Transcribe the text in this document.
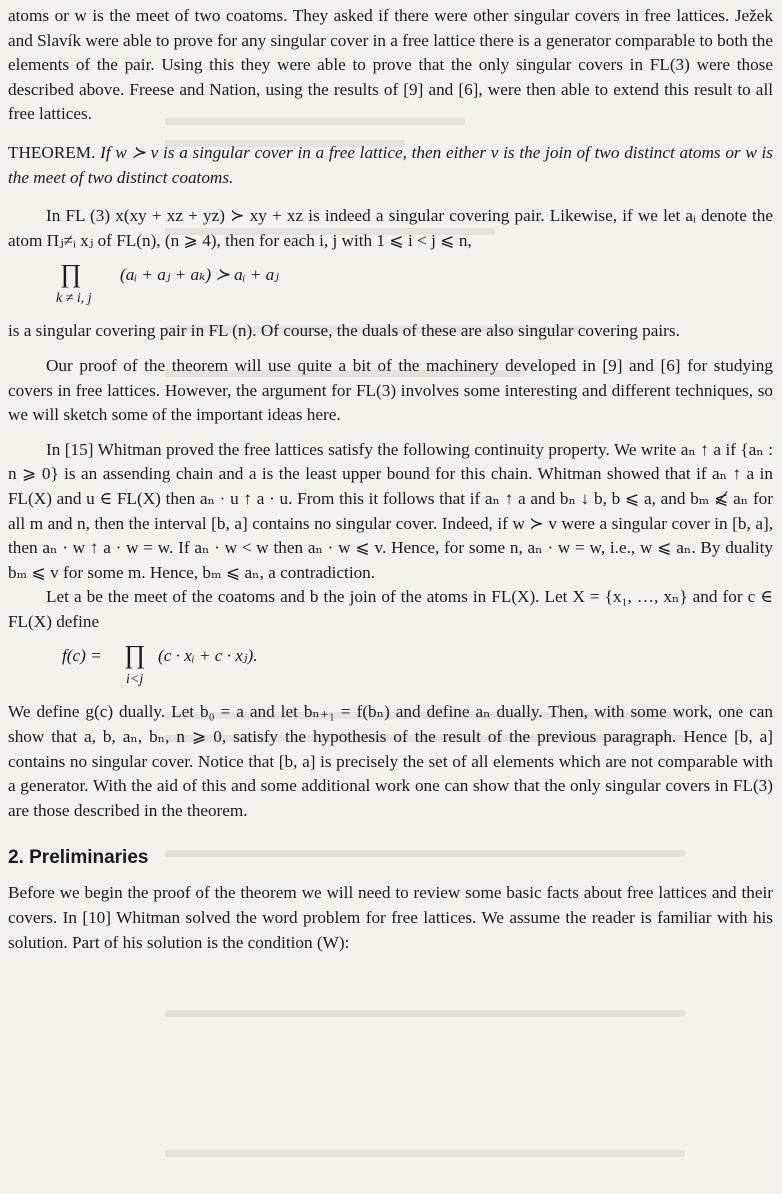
atoms or w is the meet of two coatoms. They asked if there were other singular covers in free lattices. Ježek and Slavík were able to prove for any singular cover in a free lattice there is a generator comparable to both the elements of the pair. Using this they were able to prove that the only singular covers in FL(3) were those described above. Freese and Nation, using the results of [9] and [6], were then able to extend this result to all free lattices.

THEOREM. If w ≻ v is a singular cover in a free lattice, then either v is the join of two distinct atoms or w is the meet of two distinct coatoms.

In FL (3) x(xy + xz + yz) ≻ xy + xz is indeed a singular covering pair. Likewise, if we let aᵢ denote the atom Πⱼ≠ᵢ xⱼ of FL(n), (n ⩾ 4), then for each i, j with 1 ⩽ i < j ⩽ n,

∏
k ≠ i, j
(aᵢ + aⱼ + aₖ) ≻ aᵢ + aⱼ

is a singular covering pair in FL (n). Of course, the duals of these are also singular covering pairs.

Our proof of the theorem will use quite a bit of the machinery developed in [9] and [6] for studying covers in free lattices. However, the argument for FL(3) involves some interesting and different techniques, so we will sketch some of the important ideas here.

In [15] Whitman proved the free lattices satisfy the following continuity property. We write aₙ ↑ a if {aₙ : n ⩾ 0} is an assending chain and a is the least upper bound for this chain. Whitman showed that if aₙ ↑ a in FL(X) and u ∈ FL(X) then aₙ · u ↑ a · u. From this it follows that if aₙ ↑ a and bₙ ↓ b, b ⩽ a, and bₘ ⩽̸ aₙ for all m and n, then the interval [b, a] contains no singular cover. Indeed, if w ≻ v were a singular cover in [b, a], then aₙ · w ↑ a · w = w. If aₙ · w < w then aₙ · w ⩽ v. Hence, for some n, aₙ · w = w, i.e., w ⩽ aₙ. By duality bₘ ⩽ v for some m. Hence, bₘ ⩽ aₙ, a contradiction.

Let a be the meet of the coatoms and b the join of the atoms in FL(X). Let X = {x₁, …, xₙ} and for c ∈ FL(X) define

f(c) = ∏
i<j
(c · xᵢ + c · xⱼ).

We define g(c) dually. Let b₀ = a and let bₙ₊₁ = f(bₙ) and define aₙ dually. Then, with some work, one can show that a, b, aₙ, bₙ, n ⩾ 0, satisfy the hypothesis of the result of the previous paragraph. Hence [b, a] contains no singular cover. Notice that [b, a] is precisely the set of all elements which are not comparable with a generator. With the aid of this and some additional work one can show that the only singular covers in FL(3) are those described in the theorem.

2. Preliminaries

Before we begin the proof of the theorem we will need to review some basic facts about free lattices and their covers. In [10] Whitman solved the word problem for free lattices. We assume the reader is familiar with his solution. Part of his solution is the condition (W):
